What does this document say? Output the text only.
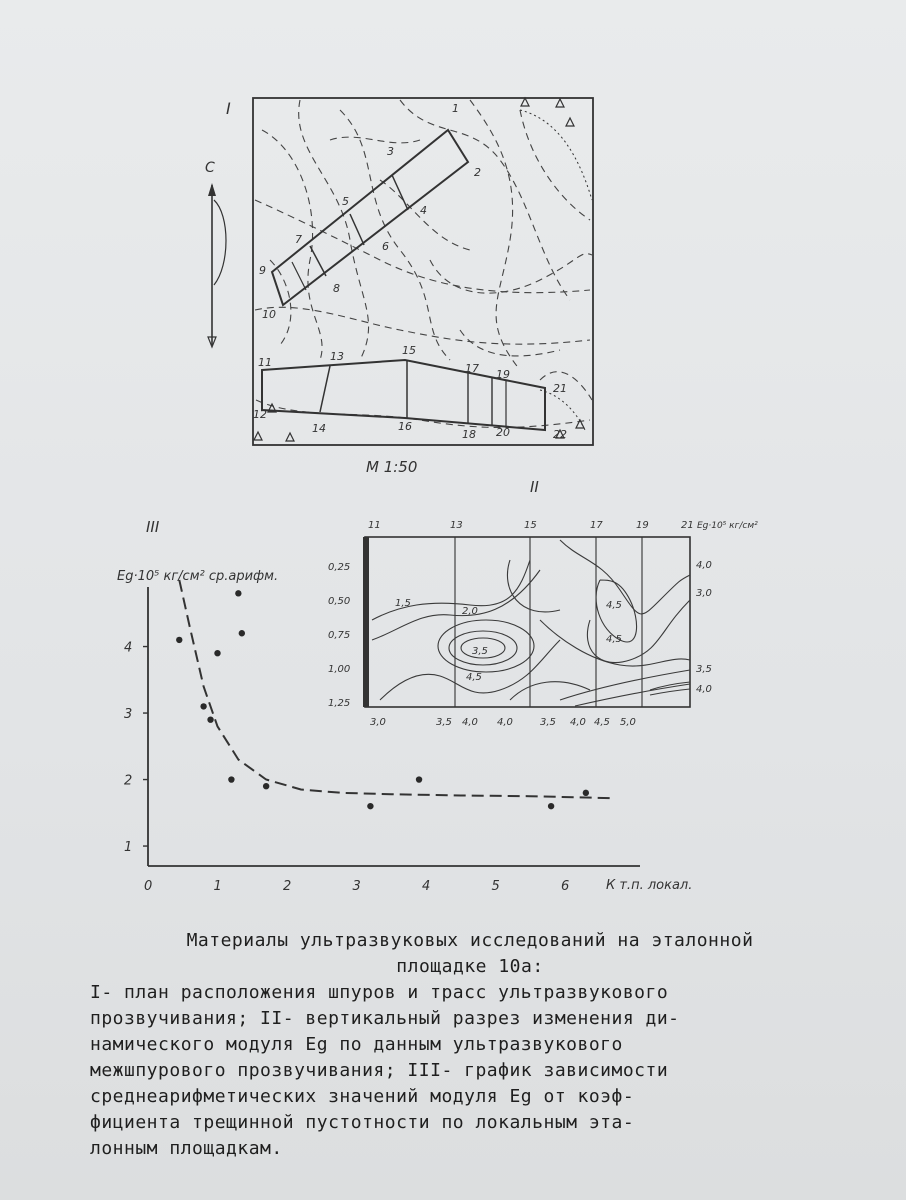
I
C
1
2
3
4
5
6
7
8
9
10
11
12
13
14
15
16
17
18
19
20
21
22
M 1:50
II
11	13	15	17	19	21 Eg·10⁵ кг/см²
0,25
0,50
0,75
1,00
1,25
3,0	3,5 4,0 4,0	3,5 4,0 4,5 5,0
1,5
2,0
3,5
4,5
4,5
4,0
3,0
3,5
4,0
4,5
III
Eg·10⁵ кг/см² ср.арифм.
К т.п. локал.
0	1	2	3	4	5	6
1
2
3
4
Материалы ультразвуковых исследований на эталонной
площадке 10а:
I- план расположения шпуров и трасс ультразвукового
прозвучивания; II- вертикальный разрез изменения ди-
намического модуля Eg по данным ультразвукового
межшпурового прозвучивания; III- график зависимости
среднеарифметических значений модуля Eg от коэф-
фициента трещинной пустотности по локальным эта-
лонным площадкам.
